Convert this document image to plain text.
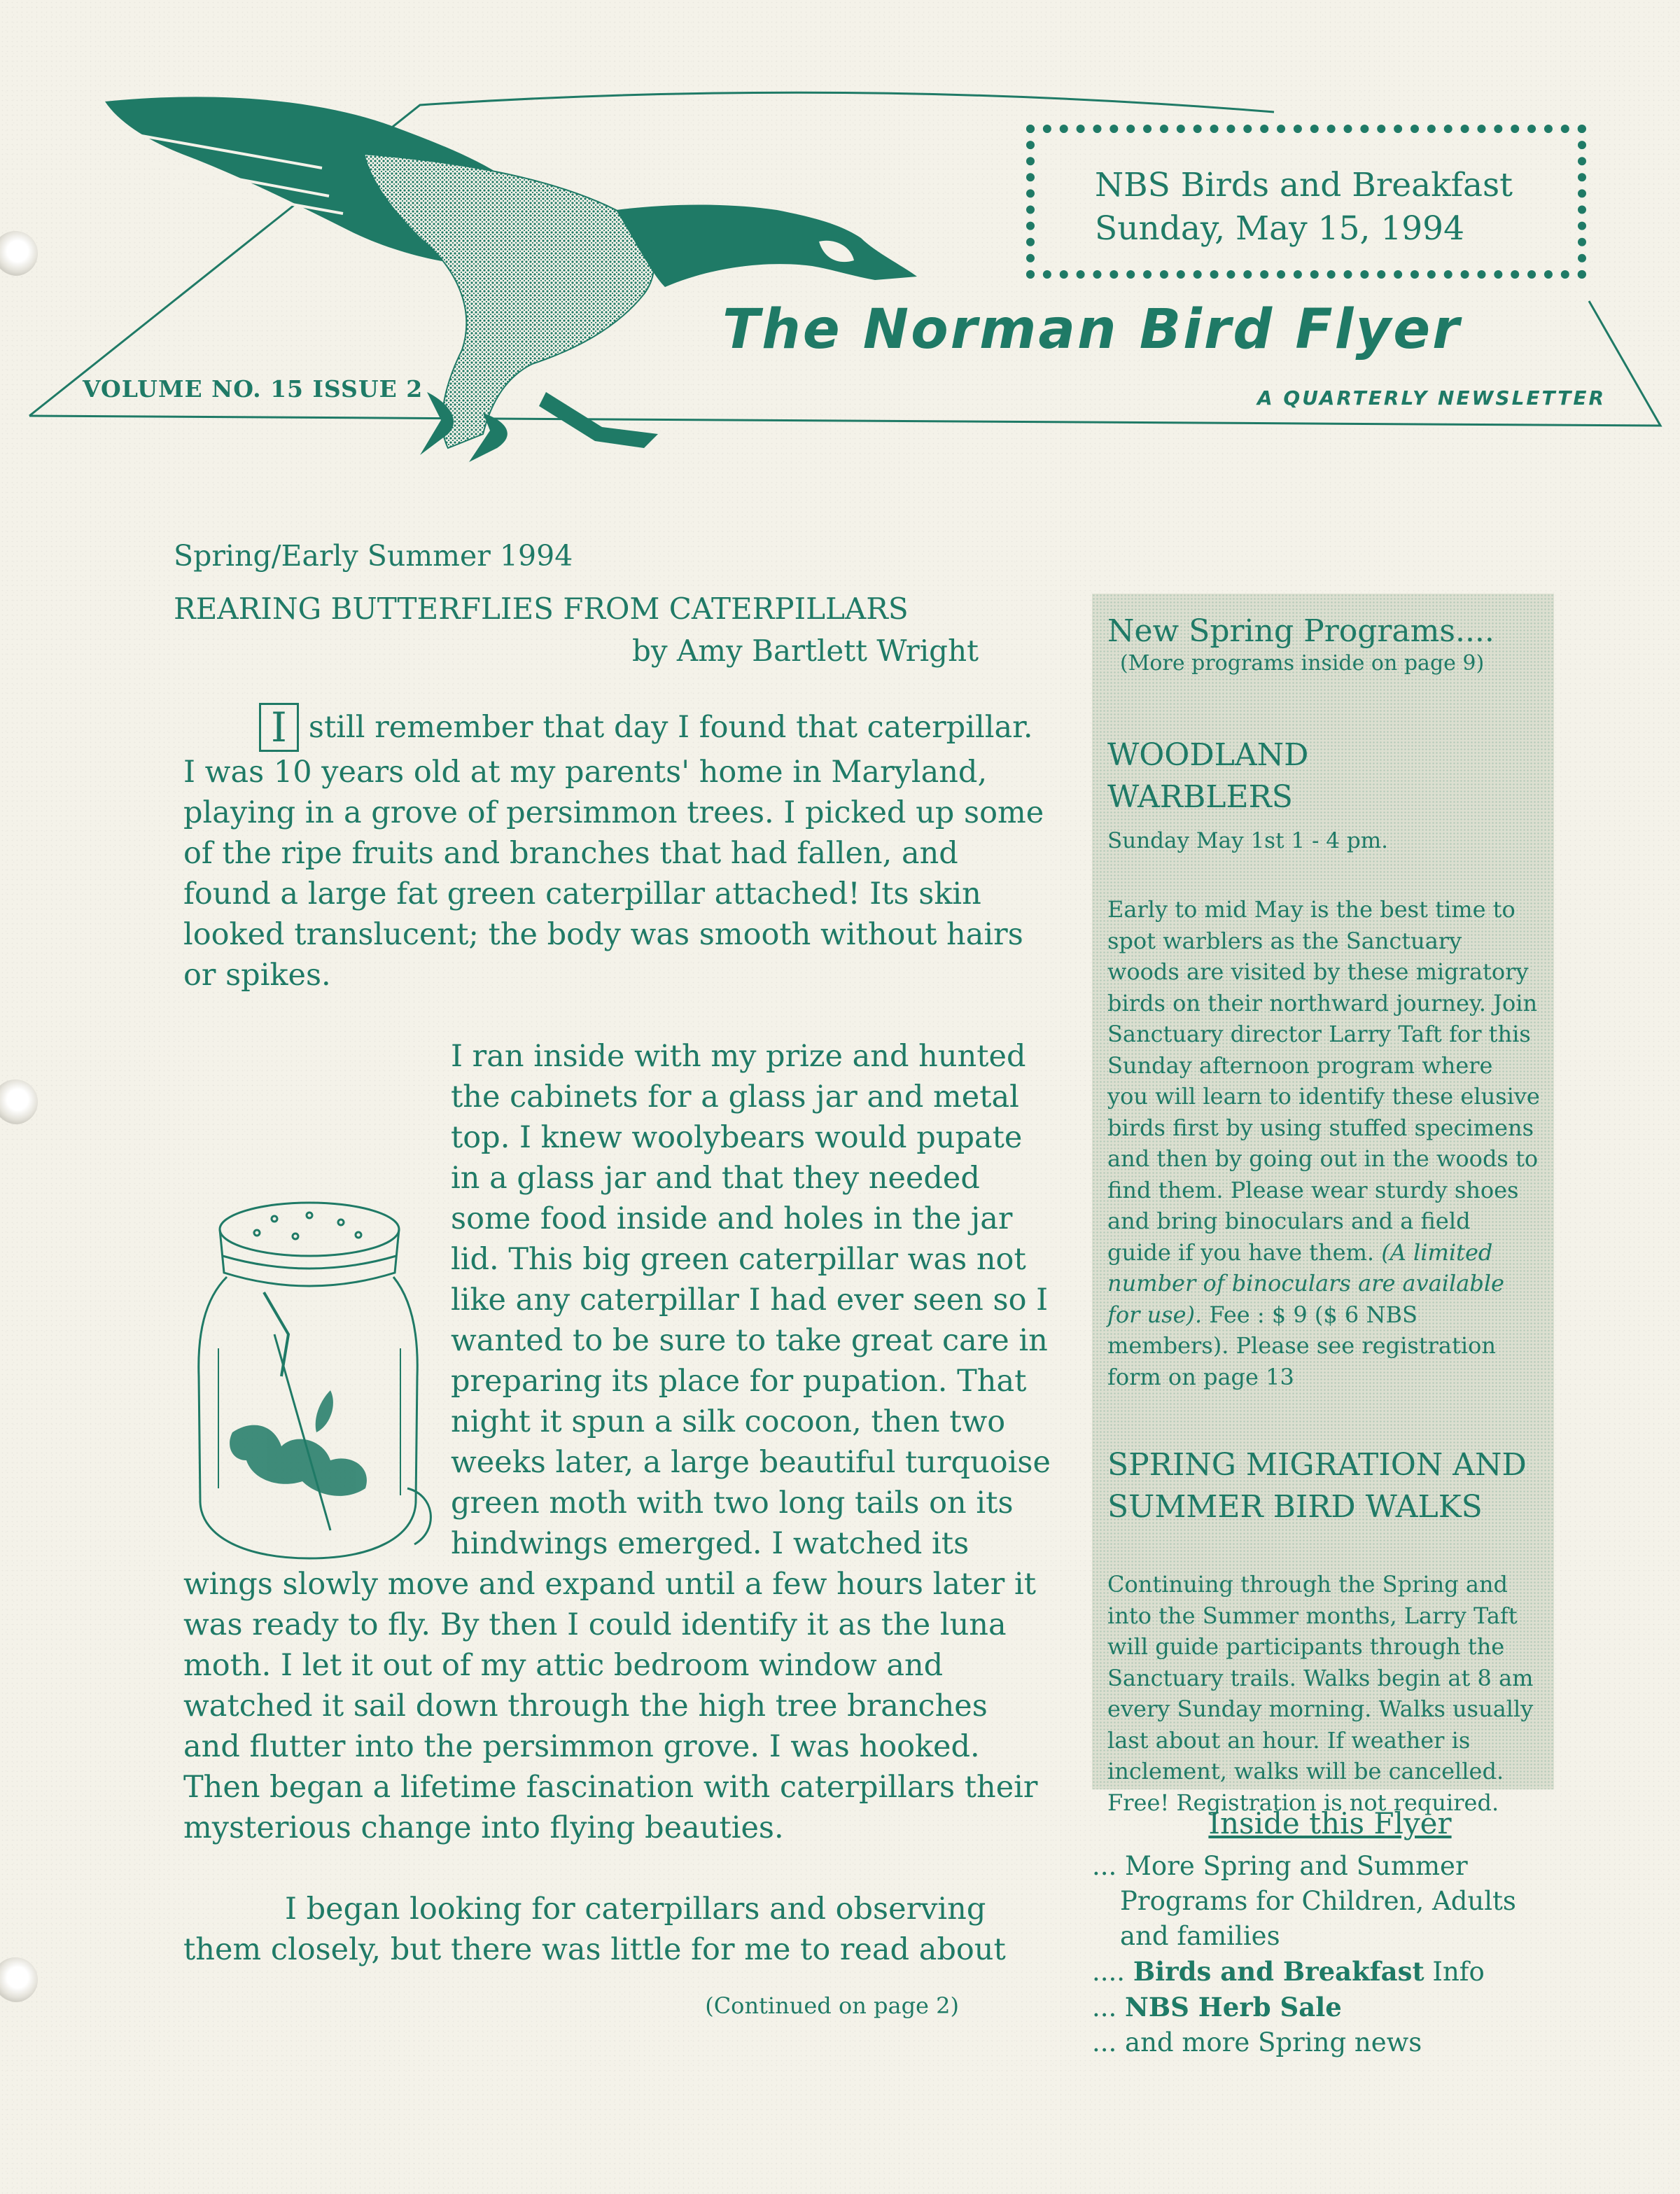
VOLUME NO. 15 ISSUE 2
The Norman Bird Flyer
A QUARTERLY NEWSLETTER
NBS Birds and Breakfast
Sunday, May 15, 1994
Spring/Early Summer 1994
REARING BUTTERFLIES FROM CATERPILLARS
by Amy Bartlett Wright

I still remember that day I found that caterpillar. I was 10 years old at my parents' home in Maryland, playing in a grove of persimmon trees. I picked up some of the ripe fruits and branches that had fallen, and found a large fat green caterpillar attached! Its skin looked translucent; the body was smooth without hairs or spikes.

I ran inside with my prize and hunted the cabinets for a glass jar and metal top. I knew woolybears would pupate in a glass jar and that they needed some food inside and holes in the jar lid. This big green caterpillar was not like any caterpillar I had ever seen so I wanted to be sure to take great care in preparing its place for pupation. That night it spun a silk cocoon, then two weeks later, a large beautiful turquoise green moth with two long tails on its hindwings emerged. I watched its wings slowly move and expand until a few hours later it was ready to fly. By then I could identify it as the luna moth. I let it out of my attic bedroom window and watched it sail down through the high tree branches and flutter into the persimmon grove. I was hooked. Then began a lifetime fascination with caterpillars their mysterious change into flying beauties.

I began looking for caterpillars and observing them closely, but there was little for me to read about

(Continued on page 2)
New Spring Programs....
(More programs inside on page 9)
WOODLAND WARBLERS
Sunday May 1st 1 - 4 pm.
Early to mid May is the best time to spot warblers as the Sanctuary woods are visited by these migratory birds on their northward journey. Join Sanctuary director Larry Taft for this Sunday afternoon program where you will learn to identify these elusive birds first by using stuffed specimens and then by going out in the woods to find them. Please wear sturdy shoes and bring binoculars and a field guide if you have them. (A limited number of binoculars are available for use). Fee : $ 9 ($ 6 NBS members). Please see registration form on page 13
SPRING MIGRATION AND SUMMER BIRD WALKS
Continuing through the Spring and into the Summer months, Larry Taft will guide participants through the Sanctuary trails. Walks begin at 8 am every Sunday morning. Walks usually last about an hour. If weather is inclement, walks will be cancelled. Free! Registration is not required.
Inside this Flyer
... More Spring and Summer Programs for Children, Adults and families
.... Birds and Breakfast Info
... NBS Herb Sale
... and more Spring news
